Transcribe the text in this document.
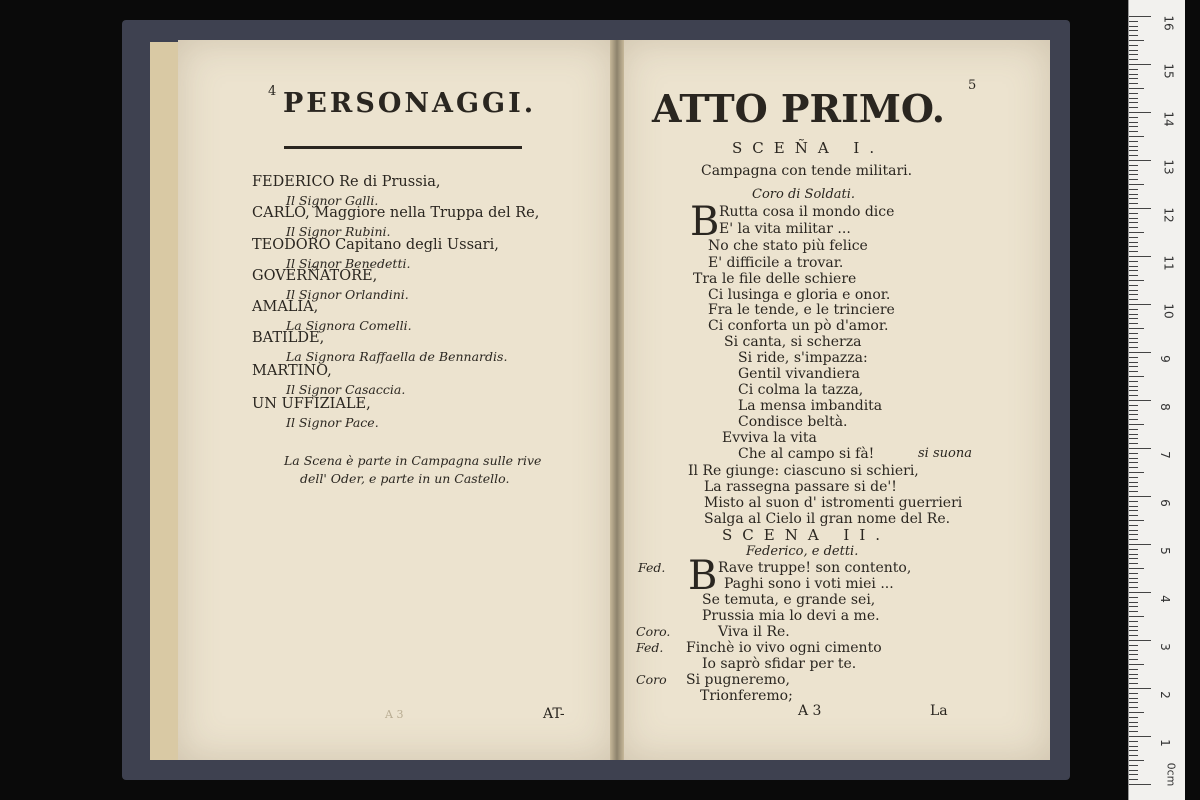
4 PERSONAGGI.
FEDERICO Re di Prussia,
Il Signor Galli.
CARLO, Maggiore nella Truppa del Re,
Il Signor Rubini.
TEODORO Capitano degli Ussari,
Il Signor Benedetti.
GOVERÑATORE,
Il Signor Orlandini.
AMALIA,
La Signora Comelli.
BATILDE,
La Signora Raffaella de Bennardis.
MARTINO,
Il Signor Casaccia.
UN UFFIZIALE,
Il Signor Pace.
La Scena è parte in Campagna sulle rive
dell' Oder, e parte in un Castello.
A 3	AT-
ATTO PRIMO.
5
SCEÑA I.
Campagna con tende militari.
Coro di Soldati.
B Rutta cosa il mondo dice
E' la vita militar ...
No che stato più felice
E' difficile a trovar.
Tra le file delle schiere
Ci lusinga e gloria e onor.
Fra le tende, e le trinciere
Ci conforta un pò d'amor.
Si canta, si scherza
Si ride, s'impazza:
Gentil vivandiera
Ci colma la tazza,
La mensa imbandita
Condisce beltà.
Evviva la vita
Che al campo si fà!	si suona
Il Re giunge: ciascuno si schieri,
La rassegna passare si de'!
Misto al suon d' istromenti guerrieri
Salga al Cielo il gran nome del Re.
SCENA II.
Federico, e detti.
B
Fed.	Rave truppe! son contento,
Paghi sono i voti miei ...
Se temuta, e grande sei,
Prussia mia lo devi a me.
Coro.	Viva il Re.
Fed. Finchè io vivo ogni cimento
Io saprò sfidar per te.
Coro Si pugneremo,
Trionferemo;
A 3	La
1
2
3
4
5
6
7
8
9
10
11
12
13
14
15
16
0cm
